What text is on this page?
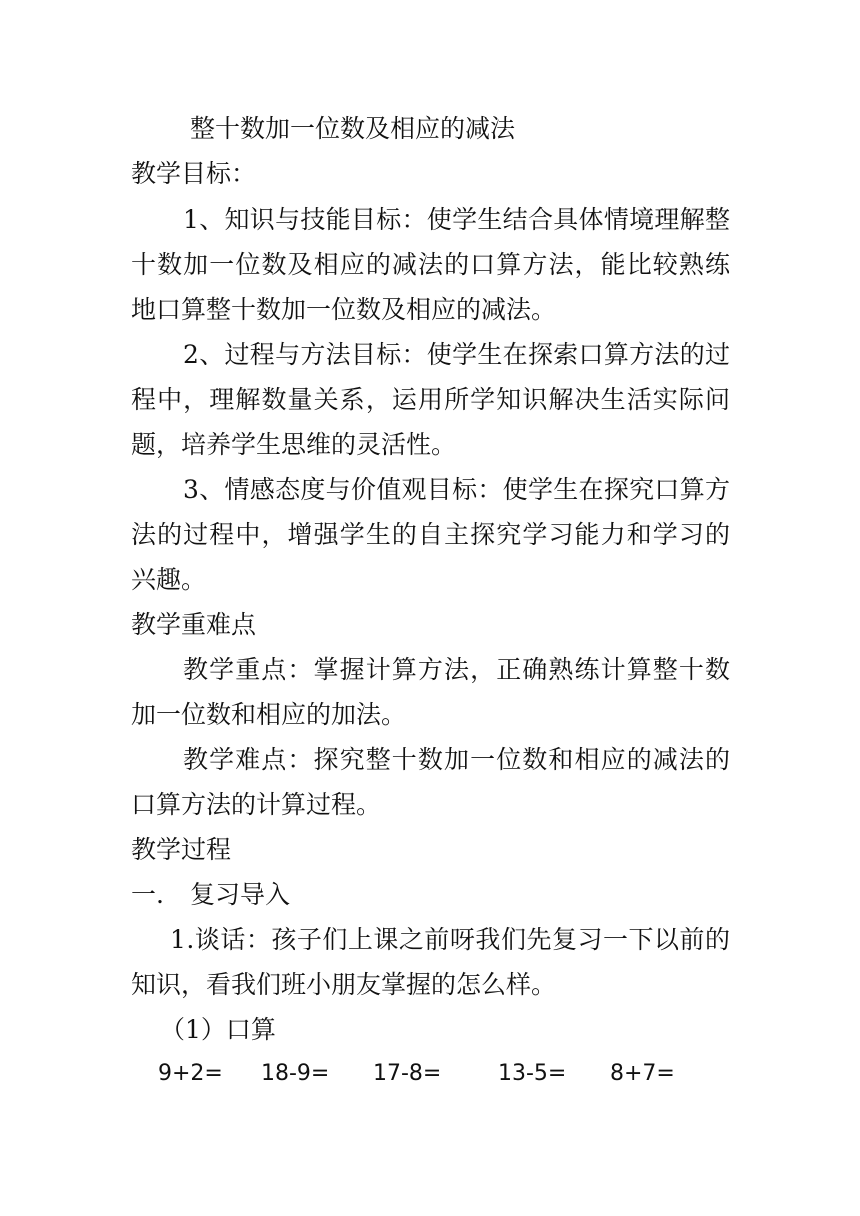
整十数加一位数及相应的减法
教学目标：
1、知识与技能目标：使学生结合具体情境理解整
十数加一位数及相应的减法的口算方法，能比较熟练
地口算整十数加一位数及相应的减法。
2、过程与方法目标：使学生在探索口算方法的过
程中，理解数量关系，运用所学知识解决生活实际问
题，培养学生思维的灵活性。
3、情感态度与价值观目标：使学生在探究口算方
法的过程中，增强学生的自主探究学习能力和学习的
兴趣。
教学重难点
教学重点：掌握计算方法，正确熟练计算整十数
加一位数和相应的加法。
教学难点：探究整十数加一位数和相应的减法的
口算方法的计算过程。
教学过程
一. 复习导入
1.谈话：孩子们上课之前呀我们先复习一下以前的
知识，看我们班小朋友掌握的怎么样。
（1）口算
9+2= 18-9= 17-8=	13-5= 8+7=
